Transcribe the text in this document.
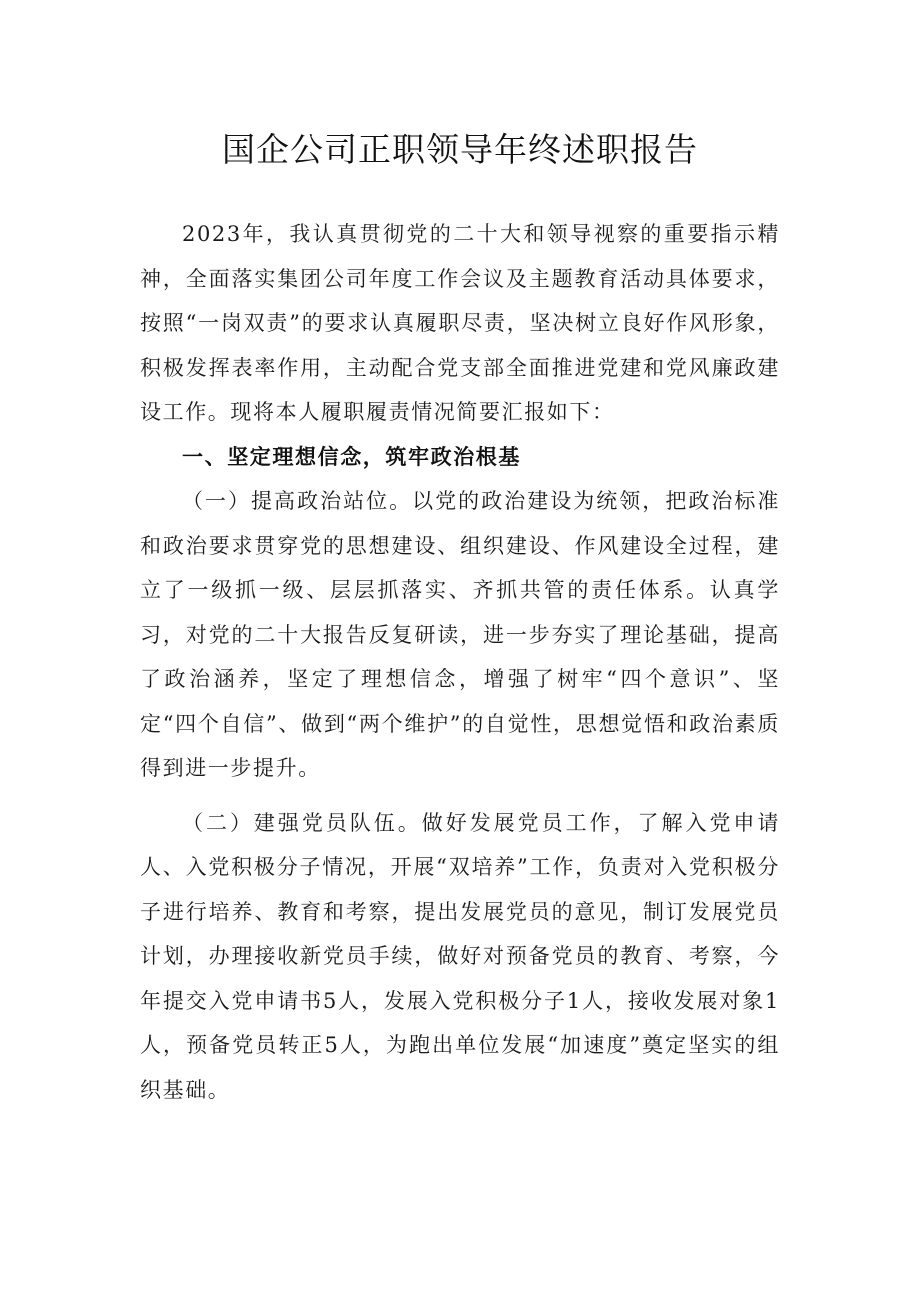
国企公司正职领导年终述职报告

2023年，我认真贯彻党的二十大和领导视察的重要指示精神，全面落实集团公司年度工作会议及主题教育活动具体要求，按照“一岗双责”的要求认真履职尽责，坚决树立良好作风形象，积极发挥表率作用，主动配合党支部全面推进党建和党风廉政建设工作。现将本人履职履责情况简要汇报如下：

一、坚定理想信念，筑牢政治根基

（一）提高政治站位。以党的政治建设为统领，把政治标准和政治要求贯穿党的思想建设、组织建设、作风建设全过程，建立了一级抓一级、层层抓落实、齐抓共管的责任体系。认真学习，对党的二十大报告反复研读，进一步夯实了理论基础，提高了政治涵养，坚定了理想信念，增强了树牢“四个意识”、坚定“四个自信”、做到“两个维护”的自觉性，思想觉悟和政治素质得到进一步提升。

（二）建强党员队伍。做好发展党员工作，了解入党申请人、入党积极分子情况，开展“双培养”工作，负责对入党积极分子进行培养、教育和考察，提出发展党员的意见，制订发展党员计划，办理接收新党员手续，做好对预备党员的教育、考察，今年提交入党申请书5人，发展入党积极分子1人，接收发展对象1人，预备党员转正5人，为跑出单位发展“加速度”奠定坚实的组织基础。
